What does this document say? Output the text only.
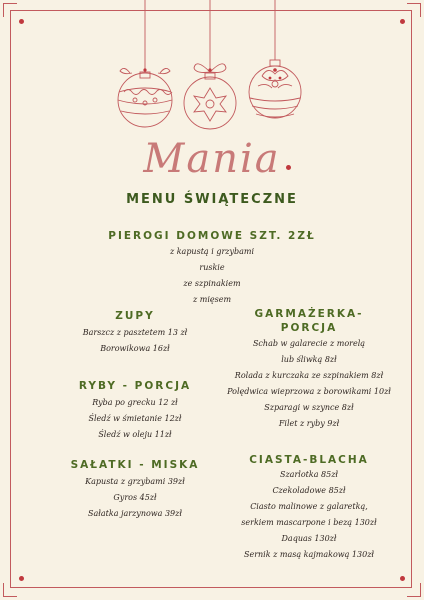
Mania
MENU ŚWIĄTECZNE
PIEROGI DOMOWE SZT. 2ZŁ
z kapustą i grzybami
ruskie
ze szpinakiem
z mięsem
ZUPY
Barszcz z pasztetem 13 zł
Borowikowa 16zł
RYBY - PORCJA
Ryba po grecku 12 zł
Śledź w śmietanie 12zł
Śledź w oleju 11zł
SAŁATKI - MISKA
Kapusta z grzybami 39zł
Gyros 45zł
Sałatka jarzynowa 39zł
GARMAŻERKA-
PORCJA
Schab w galarecie z morelą
lub śliwką 8zł
Rolada z kurczaka ze szpinakiem 8zł
Polędwica wieprzowa z borowikami 10zł
Szparagi w szynce 8zł
Filet z ryby 9zł
CIASTA-BLACHA
Szarlotka 85zł
Czekoladowe 85zł
Ciasto malinowe z galaretką,
serkiem mascarpone i bezą 130zł
Daquas 130zł
Sernik z masą kajmakową 130zł
